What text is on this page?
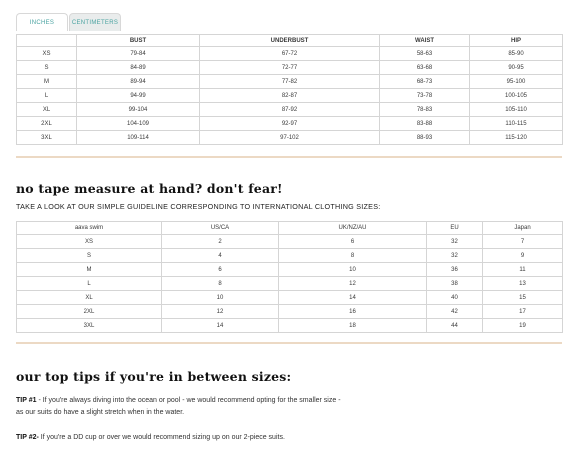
INCHES	CENTIMETERS
	BUST	UNDERBUST	WAIST	HIP
XS	79-84	67-72	58-63	85-90
S	84-89	72-77	63-68	90-95
M	89-94	77-82	68-73	95-100
L	94-99	82-87	73-78	100-105
XL	99-104	87-92	78-83	105-110
2XL	104-109	92-97	83-88	110-115
3XL	109-114	97-102	88-93	115-120
no tape measure at hand? don't fear!
TAKE A LOOK AT OUR SIMPLE GUIDELINE CORRESPONDING TO INTERNATIONAL CLOTHING SIZES:
aava swim	US/CA	UK/NZ/AU	EU	Japan
XS	2	6	32	7
S	4	8	32	9
M	6	10	36	11
L	8	12	38	13
XL	10	14	40	15
2XL	12	16	42	17
3XL	14	18	44	19
our top tips if you're in between sizes:
TIP #1 - If you're always diving into the ocean or pool - we would recommend opting for the smaller size -
as our suits do have a slight stretch when in the water.
TIP #2- If you're a DD cup or over we would recommend sizing up on our 2-piece suits.
